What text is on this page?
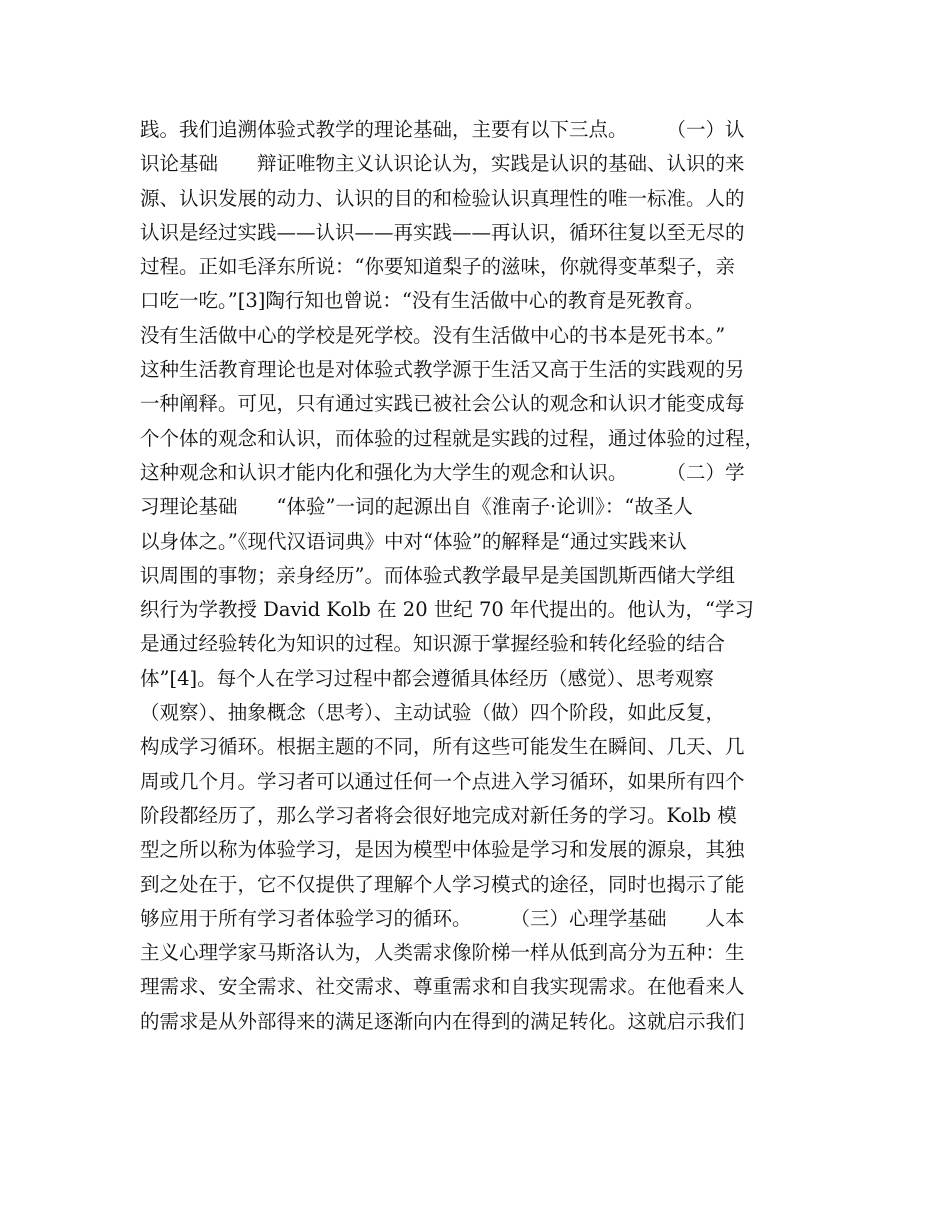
践。我们追溯体验式教学的理论基础，主要有以下三点。　　　（一）认
识论基础　　辩证唯物主义认识论认为，实践是认识的基础、认识的来
源、认识发展的动力、认识的目的和检验认识真理性的唯一标准。人的
认识是经过实践——认识——再实践——再认识，循环往复以至无尽的
过程。正如毛泽东所说：“你要知道梨子的滋味，你就得变革梨子，亲
口吃一吃。”[3]陶行知也曾说：“没有生活做中心的教育是死教育。
没有生活做中心的学校是死学校。没有生活做中心的书本是死书本。”
这种生活教育理论也是对体验式教学源于生活又高于生活的实践观的另
一种阐释。可见，只有通过实践已被社会公认的观念和认识才能变成每
个个体的观念和认识，而体验的过程就是实践的过程，通过体验的过程，
这种观念和认识才能内化和强化为大学生的观念和认识。　　　（二）学
习理论基础　　“体验”一词的起源出自《淮南子·论训》：“故圣人
以身体之。”《现代汉语词典》中对“体验”的解释是“通过实践来认
识周围的事物；亲身经历”。而体验式教学最早是美国凯斯西储大学组
织行为学教授 David Kolb 在 20 世纪 70 年代提出的。他认为，“学习
是通过经验转化为知识的过程。知识源于掌握经验和转化经验的结合
体”[4]。每个人在学习过程中都会遵循具体经历（感觉）、思考观察
（观察）、抽象概念（思考）、主动试验（做）四个阶段，如此反复，
构成学习循环。根据主题的不同，所有这些可能发生在瞬间、几天、几
周或几个月。学习者可以通过任何一个点进入学习循环，如果所有四个
阶段都经历了，那么学习者将会很好地完成对新任务的学习。Kolb 模
型之所以称为体验学习，是因为模型中体验是学习和发展的源泉，其独
到之处在于，它不仅提供了理解个人学习模式的途径，同时也揭示了能
够应用于所有学习者体验学习的循环。　　　（三）心理学基础　　人本
主义心理学家马斯洛认为，人类需求像阶梯一样从低到高分为五种：生
理需求、安全需求、社交需求、尊重需求和自我实现需求。在他看来人
的需求是从外部得来的满足逐渐向内在得到的满足转化。这就启示我们
